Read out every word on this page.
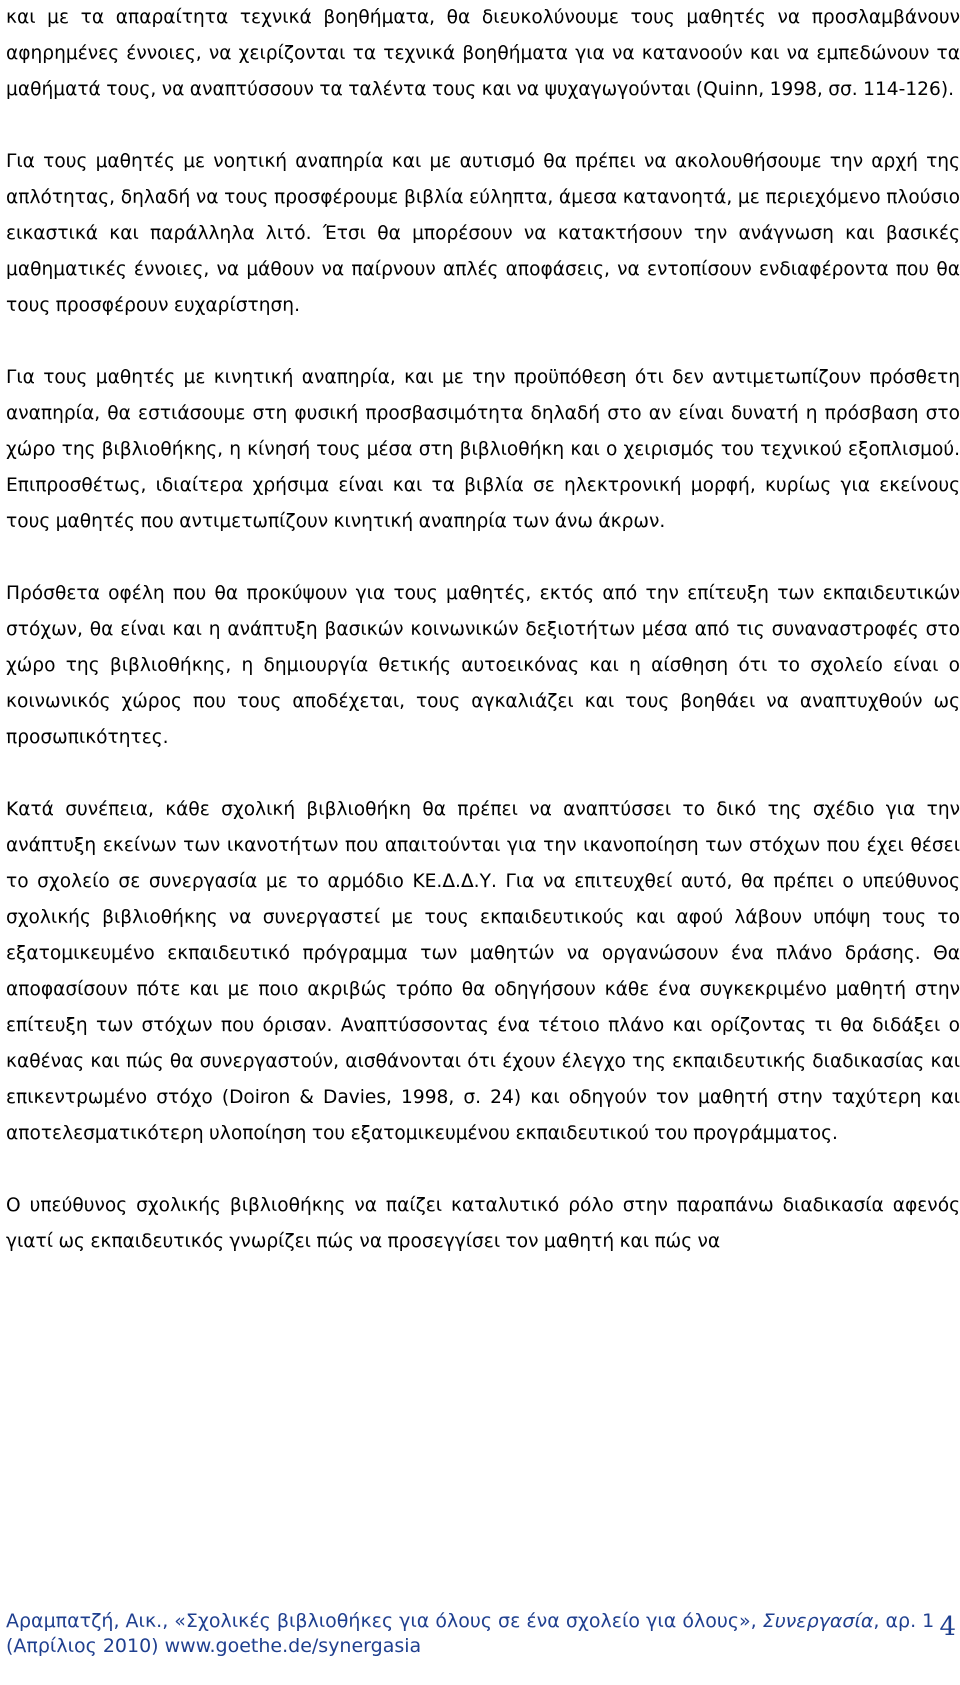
και με τα απαραίτητα τεχνικά βοηθήματα, θα διευκολύνουμε τους μαθητές να προσλαμβάνουν αφηρημένες έννοιες, να χειρίζονται τα τεχνικά βοηθήματα για να κατανοούν και να εμπεδώνουν τα μαθήματά τους, να αναπτύσσουν τα ταλέντα τους και να ψυχαγωγούνται (Quinn, 1998, σσ. 114-126).

Για τους μαθητές με νοητική αναπηρία και με αυτισμό θα πρέπει να ακολουθήσουμε την αρχή της απλότητας, δηλαδή να τους προσφέρουμε βιβλία εύληπτα, άμεσα κατανοητά, με περιεχόμενο πλούσιο εικαστικά και παράλληλα λιτό. Έτσι θα μπορέσουν να κατακτήσουν την ανάγνωση και βασικές μαθηματικές έννοιες, να μάθουν να παίρνουν απλές αποφάσεις, να εντοπίσουν ενδιαφέροντα που θα τους προσφέρουν ευχαρίστηση.

Για τους μαθητές με κινητική αναπηρία, και με την προϋπόθεση ότι δεν αντιμετωπίζουν πρόσθετη αναπηρία, θα εστιάσουμε στη φυσική προσβασιμότητα δηλαδή στο αν είναι δυνατή η πρόσβαση στο χώρο της βιβλιοθήκης, η κίνησή τους μέσα στη βιβλιοθήκη και ο χειρισμός του τεχνικού εξοπλισμού. Επιπροσθέτως, ιδιαίτερα χρήσιμα είναι και τα βιβλία σε ηλεκτρονική μορφή, κυρίως για εκείνους τους μαθητές που αντιμετωπίζουν κινητική αναπηρία των άνω άκρων.

Πρόσθετα οφέλη που θα προκύψουν για τους μαθητές, εκτός από την επίτευξη των εκπαιδευτικών στόχων, θα είναι και η ανάπτυξη βασικών κοινωνικών δεξιοτήτων μέσα από τις συναναστροφές στο χώρο της βιβλιοθήκης, η δημιουργία θετικής αυτοεικόνας και η αίσθηση ότι το σχολείο είναι ο κοινωνικός χώρος που τους αποδέχεται, τους αγκαλιάζει και τους βοηθάει να αναπτυχθούν ως προσωπικότητες.

Κατά συνέπεια, κάθε σχολική βιβλιοθήκη θα πρέπει να αναπτύσσει το δικό της σχέδιο για την ανάπτυξη εκείνων των ικανοτήτων που απαιτούνται για την ικανοποίηση των στόχων που έχει θέσει το σχολείο σε συνεργασία με το αρμόδιο ΚΕ.Δ.Δ.Υ. Για να επιτευχθεί αυτό, θα πρέπει ο υπεύθυνος σχολικής βιβλιοθήκης να συνεργαστεί με τους εκπαιδευτικούς και αφού λάβουν υπόψη τους το εξατομικευμένο εκπαιδευτικό πρόγραμμα των μαθητών να οργανώσουν ένα πλάνο δράσης. Θα αποφασίσουν πότε και με ποιο ακριβώς τρόπο θα οδηγήσουν κάθε ένα συγκεκριμένο μαθητή στην επίτευξη των στόχων που όρισαν. Αναπτύσσοντας ένα τέτοιο πλάνο και ορίζοντας τι θα διδάξει ο καθένας και πώς θα συνεργαστούν, αισθάνονται ότι έχουν έλεγχο της εκπαιδευτικής διαδικασίας και επικεντρωμένο στόχο (Doiron & Davies, 1998, σ. 24) και οδηγούν τον μαθητή στην ταχύτερη και αποτελεσματικότερη υλοποίηση του εξατομικευμένου εκπαιδευτικού του προγράμματος.

Ο υπεύθυνος σχολικής βιβλιοθήκης να παίζει καταλυτικό ρόλο στην παραπάνω διαδικασία αφενός γιατί ως εκπαιδευτικός γνωρίζει πώς να προσεγγίσει τον μαθητή και πώς να

Αραμπατζή, Αικ., «Σχολικές βιβλιοθήκες για όλους σε ένα σχολείο για όλους», Συνεργασία, αρ. 1
(Απρίλιος 2010) www.goethe.de/synergasia
4
